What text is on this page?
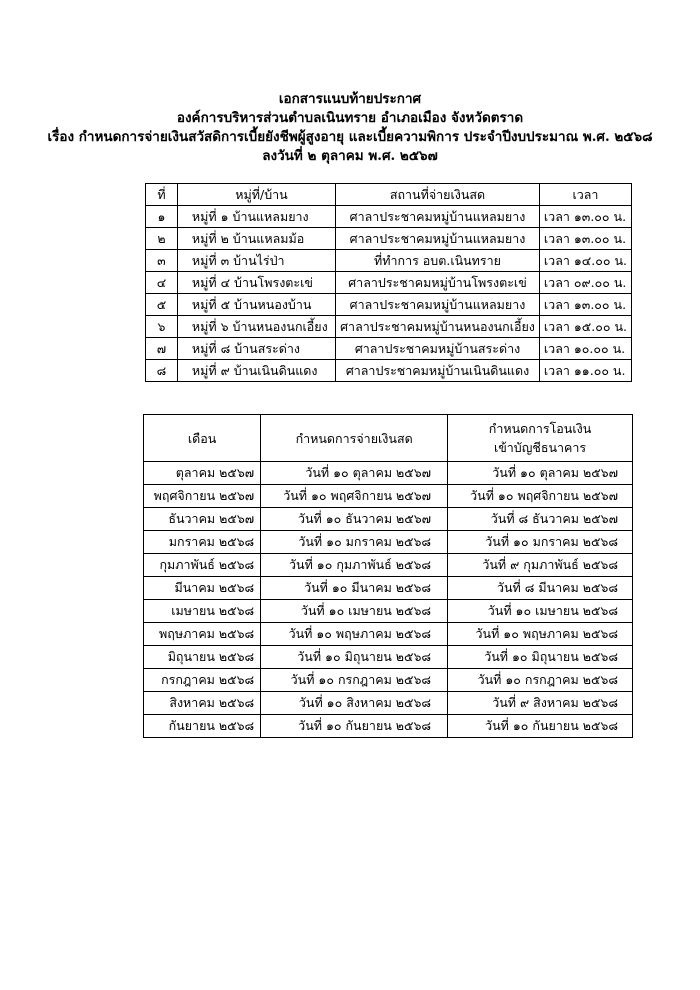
เอกสารแนบท้ายประกาศ
องค์การบริหารส่วนตำบลเนินทราย อำเภอเมือง จังหวัดตราด
เรื่อง กำหนดการจ่ายเงินสวัสดิการเบี้ยยังชีพผู้สูงอายุ และเบี้ยความพิการ ประจำปีงบประมาณ พ.ศ. ๒๕๖๘
ลงวันที่ ๒ ตุลาคม พ.ศ. ๒๕๖๗
ที่	หมู่ที่/บ้าน	สถานที่จ่ายเงินสด	เวลา
๑	หมู่ที่ ๑ บ้านแหลมยาง	ศาลาประชาคมหมู่บ้านแหลมยาง	เวลา ๑๓.๐๐ น.
๒	หมู่ที่ ๒ บ้านแหลมม้อ	ศาลาประชาคมหมู่บ้านแหลมยาง	เวลา ๑๓.๐๐ น.
๓	หมู่ที่ ๓ บ้านไร่ป่า	ที่ทำการ อบต.เนินทราย	เวลา ๑๔.๐๐ น.
๔	หมู่ที่ ๔ บ้านโพรงตะเข่	ศาลาประชาคมหมู่บ้านโพรงตะเข่	เวลา ๐๙.๐๐ น.
๕	หมู่ที่ ๕ บ้านหนองบ้าน	ศาลาประชาคมหมู่บ้านแหลมยาง	เวลา ๑๓.๐๐ น.
๖	หมู่ที่ ๖ บ้านหนองนกเอี้ยง	ศาลาประชาคมหมู่บ้านหนองนกเอี้ยง	เวลา ๑๕.๐๐ น.
๗	หมู่ที่ ๘ บ้านสระด่าง	ศาลาประชาคมหมู่บ้านสระด่าง	เวลา ๑๐.๐๐ น.
๘	หมู่ที่ ๙ บ้านเนินดินแดง	ศาลาประชาคมหมู่บ้านเนินดินแดง	เวลา ๑๑.๐๐ น.
เดือน	กำหนดการจ่ายเงินสด	กำหนดการโอนเงิน
เข้าบัญชีธนาคาร
ตุลาคม ๒๕๖๗	วันที่ ๑๐ ตุลาคม ๒๕๖๗	วันที่ ๑๐ ตุลาคม ๒๕๖๗
พฤศจิกายน ๒๕๖๗	วันที่ ๑๐ พฤศจิกายน ๒๕๖๗	วันที่ ๑๐ พฤศจิกายน ๒๕๖๗
ธันวาคม ๒๕๖๗	วันที่ ๑๐ ธันวาคม ๒๕๖๗	วันที่ ๘ ธันวาคม ๒๕๖๗
มกราคม ๒๕๖๘	วันที่ ๑๐ มกราคม ๒๕๖๘	วันที่ ๑๐ มกราคม ๒๕๖๘
กุมภาพันธ์ ๒๕๖๘	วันที่ ๑๐ กุมภาพันธ์ ๒๕๖๘	วันที่ ๙ กุมภาพันธ์ ๒๕๖๘
มีนาคม ๒๕๖๘	วันที่ ๑๐ มีนาคม ๒๕๖๘	วันที่ ๘ มีนาคม ๒๕๖๘
เมษายน ๒๕๖๘	วันที่ ๑๐ เมษายน ๒๕๖๘	วันที่ ๑๐ เมษายน ๒๕๖๘
พฤษภาคม ๒๕๖๘	วันที่ ๑๐ พฤษภาคม ๒๕๖๘	วันที่ ๑๐ พฤษภาคม ๒๕๖๘
มิถุนายน ๒๕๖๘	วันที่ ๑๐ มิถุนายน ๒๕๖๘	วันที่ ๑๐ มิถุนายน ๒๕๖๘
กรกฎาคม ๒๕๖๘	วันที่ ๑๐ กรกฎาคม ๒๕๖๘	วันที่ ๑๐ กรกฎาคม ๒๕๖๘
สิงหาคม ๒๕๖๘	วันที่ ๑๐ สิงหาคม ๒๕๖๘	วันที่ ๙ สิงหาคม ๒๕๖๘
กันยายน ๒๕๖๘	วันที่ ๑๐ กันยายน ๒๕๖๘	วันที่ ๑๐ กันยายน ๒๕๖๘
